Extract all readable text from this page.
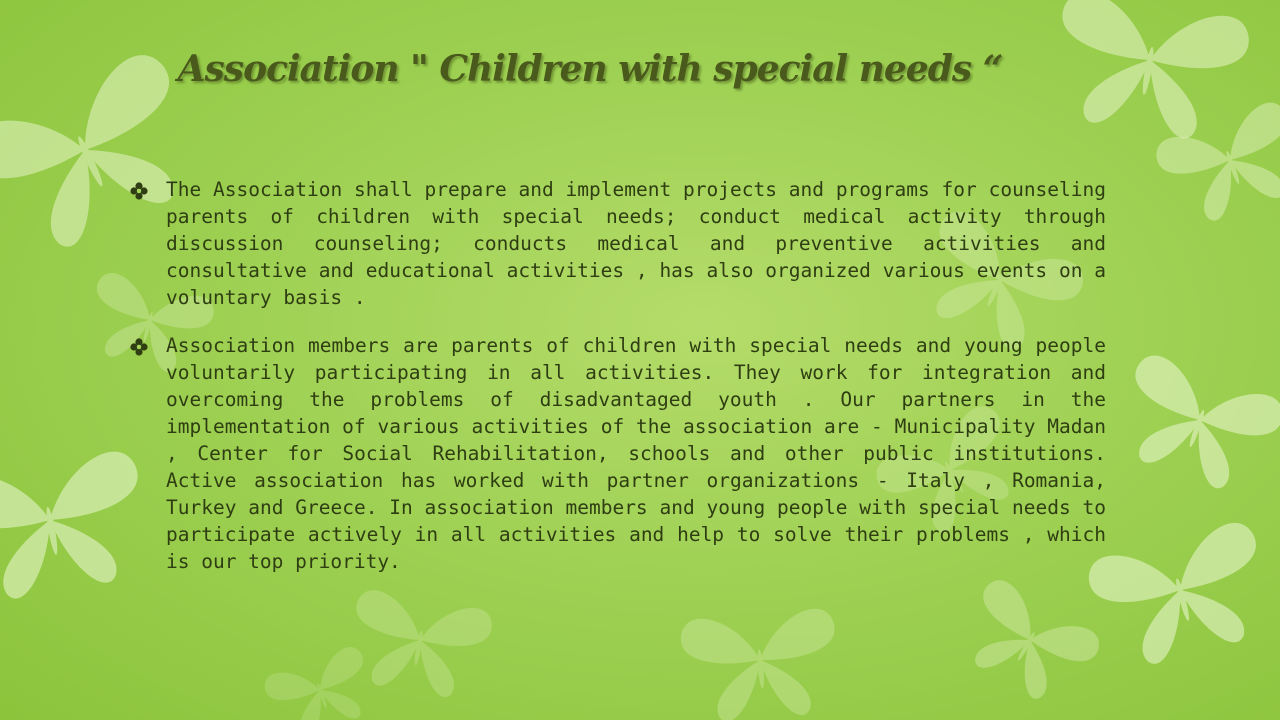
Association " Children with special needs “
The Association shall prepare and implement projects and programs for counseling parents of children with special needs; conduct medical activity through discussion counseling; conducts medical and preventive activities and consultative and educational activities , has also organized various events on a voluntary basis .
Association members are parents of children with special needs and young people voluntarily participating in all activities. They work for integration and overcoming the problems of disadvantaged youth . Our partners in the implementation of various activities of the association are - Municipality Madan , Center for Social Rehabilitation, schools and other public institutions. Active association has worked with partner organizations - Italy , Romania, Turkey and Greece. In association members and young people with special needs to participate actively in all activities and help to solve their problems , which is our top priority.
